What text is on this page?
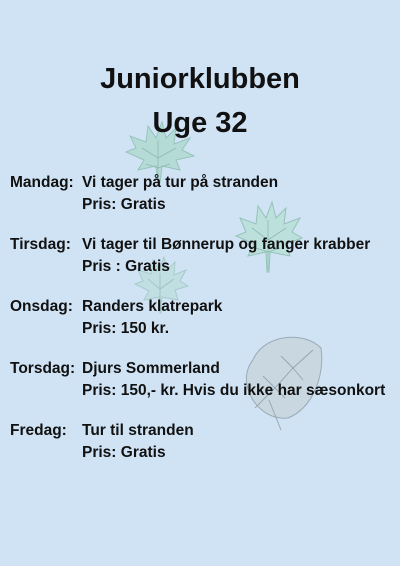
Juniorklubben
Uge 32
Mandag: Vi tager på tur på stranden
Pris: Gratis
Tirsdag: Vi tager til Bønnerup og fanger krabber
Pris : Gratis
Onsdag: Randers klatrepark
Pris: 150 kr.
Torsdag: Djurs Sommerland
Pris: 150,- kr. Hvis du ikke har sæsonkort
Fredag: Tur til stranden
Pris: Gratis
